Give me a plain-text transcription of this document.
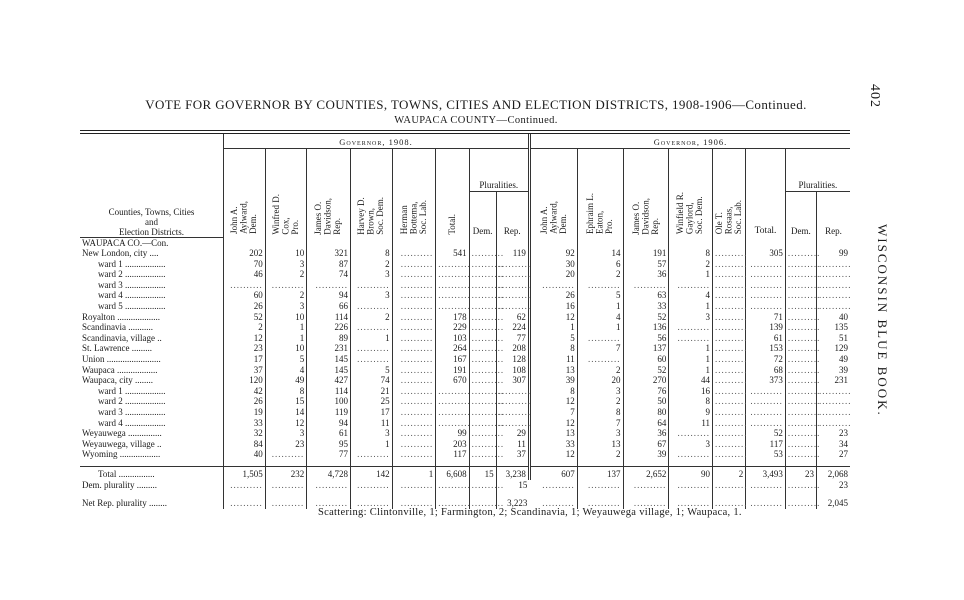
402
WISCONSIN BLUE BOOK.
VOTE FOR GOVERNOR BY COUNTIES, TOWNS, CITIES AND ELECTION DISTRICTS, 1908-1906—Continued.
WAUPACA COUNTY—Continued.
Counties, Towns, Cities
and
Election Districts.	Governor, 1908.								Governor, 1906.							
	John A.
Aylward,
Dem.	Winfred D.
Cox,
Pro.	James O.
Davidson,
Rep.	Harvey D.
Brown,
Soc. Dem.	Herman
Bottema,
Soc. Lab.	Total.	Pluralities.		John A.
Aylward,
Dem.	Ephraim L.
Eaton,
Pro.	James O.
Davidson,
Rep.	Winfield R.
Gaylord,
Soc. Dem.	Ole T.
Rosaas,
Soc. Lab.	Total.	Pluralities.	
							Dem.	Rep.							Dem.	Rep.
WAUPACA CO.—Con.																
New London, city ....	202	10	321	8	..........	541	..........	119	92	14	191	8	..........	305	..........	99
ward 1 ..................	70	3	87	2	..........	..........	..........	..........	30	6	57	2	..........	..........	..........	..........

ward 2 ..................	46	2	74	3	..........	..........	..........	..........	20	2	36	1	..........	..........	..........	..........

ward 3 ..................	..........	..........	..........	..........	..........	..........	..........	..........	..........	..........	..........	..........	..........	..........	..........	..........

ward 4 ..................	60	2	94	3	..........	..........	..........	..........	26	5	63	4	..........	..........	..........	..........

ward 5 ..................	26	3	66	..........	..........	..........	..........	..........	16	1	33	1	..........	..........	..........	..........

Royalton ...................	52	10	114	2	..........	178	..........	62	12	4	52	3	..........	71	..........	40
Scandinavia ...........	2	1	226	..........	..........	229	..........	224	1	1	136	..........	..........	139	..........	135
Scandinavia, village ..	12	1	89	1	..........	103	..........	77	5	..........	56	..........	..........	61	..........	51
St. Lawrence .........	23	10	231	..........	..........	264	..........	208	8	7	137	1	..........	153	..........	129
Union ........................	17	5	145	..........	..........	167	..........	128	11	..........	60	1	..........	72	..........	49
Waupaca ..................	37	4	145	5	..........	191	..........	108	13	2	52	1	..........	68	..........	39
Waupaca, city ........	120	49	427	74	..........	670	..........	307	39	20	270	44	..........	373	..........	231
ward 1 ..................	42	8	114	21	..........	..........	..........	..........	8	3	76	16	..........	..........	..........	..........

ward 2 ..................	26	15	100	25	..........	..........	..........	..........	12	2	50	8	..........	..........	..........	..........

ward 3 ..................	19	14	119	17	..........	..........	..........	..........	7	8	80	9	..........	..........	..........	..........

ward 4 ..................	33	12	94	11	..........	..........	..........	..........	12	7	64	11	..........	..........	..........	..........

Weyauwega ...............	32	3	61	3	..........	99	..........	29	13	3	36	..........	..........	52	..........	23
Weyauwega, village ..	84	23	95	1	..........	203	..........	11	33	13	67	3	..........	117	..........	34
Wyoming ..................	40	..........	77	..........	..........	117	..........	37	12	2	39	..........	..........	53	..........	27

Total ................	1,505	232	4,728	142	1	6,608	15	3,238	607	137	2,652	90	2	3,493	23	2,068
Dem. plurality .........	..........	..........	..........	..........	..........	..........	..........	15	..........	..........	..........	..........	..........	..........	..........	23
Net Rep. plurality ........	..........	..........	..........	..........	..........	..........	..........	3,223	..........	..........	..........	..........	..........	..........	..........	2,045
Scattering: Clintonville, 1; Farmington, 2; Scandinavia, 1; Weyauwega village, 1; Waupaca, 1.
